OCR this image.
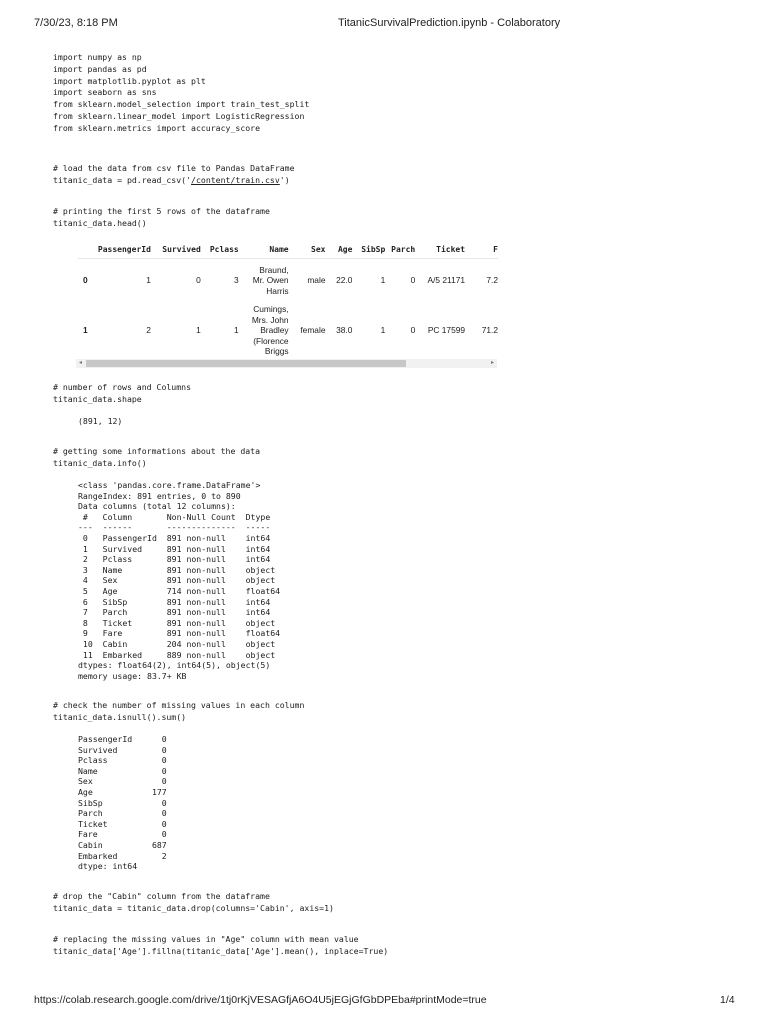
7/30/23, 8:18 PM	TitanicSurvivalPrediction.ipynb - Colaboratory
import numpy as np
import pandas as pd
import matplotlib.pyplot as plt
import seaborn as sns
from sklearn.model_selection import train_test_split
from sklearn.linear_model import LogisticRegression
from sklearn.metrics import accuracy_score
# load the data from csv file to Pandas DataFrame
titanic_data = pd.read_csv('/content/train.csv')
# printing the first 5 rows of the dataframe
titanic_data.head()
	PassengerId	Survived	Pclass	Name	Sex	Age	SibSp	Parch	Ticket	F
0	1	0	3	Braund,
Mr. Owen
Harris	male	22.0	1	0	A/5 21171	7.2
1	2	1	1	Cumings,
Mrs. John
Bradley
(Florence
Briggs	female	38.0	1	0	PC 17599	71.2
◂	▸
# number of rows and Columns
titanic_data.shape
(891, 12)
# getting some informations about the data
titanic_data.info()
<class 'pandas.core.frame.DataFrame'>
RangeIndex: 891 entries, 0 to 890
Data columns (total 12 columns):
#   Column       Non-Null Count  Dtype
---  ------       --------------  -----
0   PassengerId  891 non-null    int64
1   Survived     891 non-null    int64
2   Pclass       891 non-null    int64
3   Name         891 non-null    object
4   Sex          891 non-null    object
5   Age          714 non-null    float64
6   SibSp        891 non-null    int64
7   Parch        891 non-null    int64
8   Ticket       891 non-null    object
9   Fare         891 non-null    float64
10  Cabin        204 non-null    object
11  Embarked     889 non-null    object
dtypes: float64(2), int64(5), object(5)
memory usage: 83.7+ KB
# check the number of missing values in each column
titanic_data.isnull().sum()
PassengerId      0
Survived         0
Pclass           0
Name             0
Sex              0
Age            177
SibSp            0
Parch            0
Ticket           0
Fare             0
Cabin          687
Embarked         2
dtype: int64
# drop the "Cabin" column from the dataframe
titanic_data = titanic_data.drop(columns='Cabin', axis=1)
# replacing the missing values in "Age" column with mean value
titanic_data['Age'].fillna(titanic_data['Age'].mean(), inplace=True)
https://colab.research.google.com/drive/1tj0rKjVESAGfjA6O4U5jEGjGfGbDPEba#printMode=true	1/4
